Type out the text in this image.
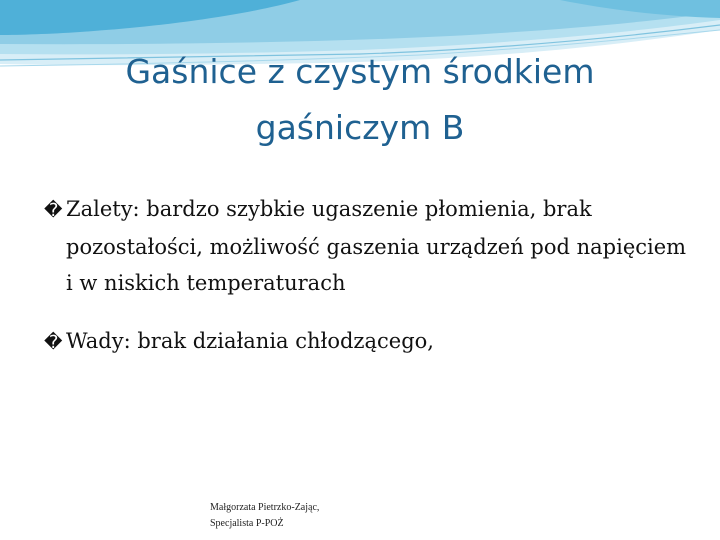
Gaśnice z czystym środkiem
gaśniczym B
� Zalety: bardzo szybkie ugaszenie płomienia, brak pozostałości, możliwość gaszenia urządzeń pod napięciem i w niskich temperaturach
� Wady: brak działania chłodzącego,
Małgorzata Pietrzko-Zając,
Specjalista P-POŻ
